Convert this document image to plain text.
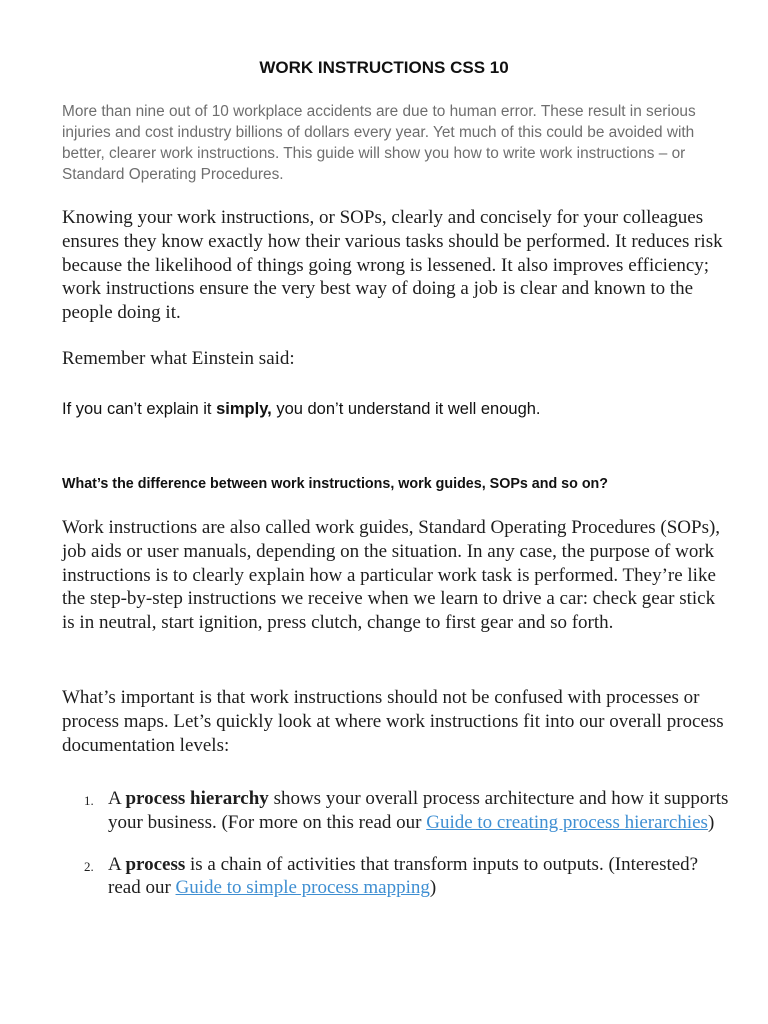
WORK INSTRUCTIONS CSS 10

More than nine out of 10 workplace accidents are due to human error. These result in serious injuries and cost industry billions of dollars every year. Yet much of this could be avoided with better, clearer work instructions. This guide will show you how to write work instructions – or Standard Operating Procedures.

Knowing your work instructions, or SOPs, clearly and concisely for your colleagues ensures they know exactly how their various tasks should be performed. It reduces risk because the likelihood of things going wrong is lessened. It also improves efficiency; work instructions ensure the very best way of doing a job is clear and known to the people doing it.

Remember what Einstein said:

If you can’t explain it simply, you don’t understand it well enough.

What’s the difference between work instructions, work guides, SOPs and so on?

Work instructions are also called work guides, Standard Operating Procedures (SOPs), job aids or user manuals, depending on the situation. In any case, the purpose of work instructions is to clearly explain how a particular work task is performed. They’re like the step-by-step instructions we receive when we learn to drive a car: check gear stick is in neutral, start ignition, press clutch, change to first gear and so forth.

What’s important is that work instructions should not be confused with processes or process maps. Let’s quickly look at where work instructions fit into our overall process documentation levels:

1. A process hierarchy shows your overall process architecture and how it supports your business. (For more on this read our Guide to creating process hierarchies)
2. A process is a chain of activities that transform inputs to outputs. (Interested? read our Guide to simple process mapping)
